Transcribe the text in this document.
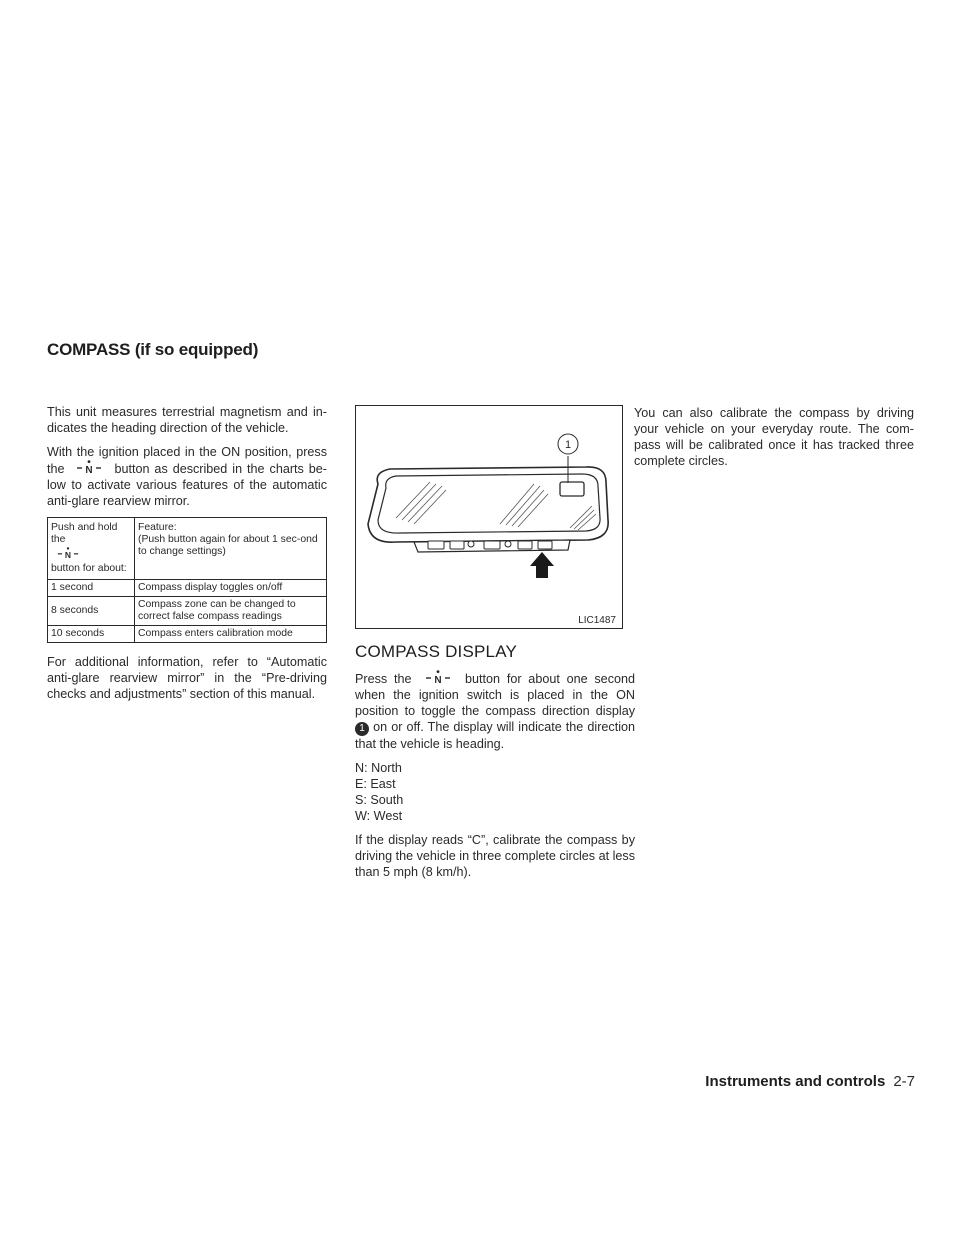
COMPASS (if so equipped)

This unit measures terrestrial magnetism and in-dicates the heading direction of the vehicle.

With the ignition placed in the ON position, press the N button as described in the charts be-low to activate various features of the automatic anti-glare rearview mirror.

Push and hold the

N

button for about:	Feature:
(Push button again for about 1 sec-ond to change settings)
1 second	Compass display toggles on/off
8 seconds	Compass zone can be changed to correct false compass readings
10 seconds	Compass enters calibration mode

For additional information, refer to “Automatic anti-glare rearview mirror” in the “Pre-driving checks and adjustments” section of this manual.

1
LIC1487
COMPASS DISPLAY

Press the N button for about one second when the ignition switch is placed in the ON position to toggle the compass direction display 1 on or off. The display will indicate the direction that the vehicle is heading.

N: North
E: East
S: South
W: West

If the display reads “C”, calibrate the compass by driving the vehicle in three complete circles at less than 5 mph (8 km/h).

You can also calibrate the compass by driving your vehicle on your everyday route. The com-pass will be calibrated once it has tracked three complete circles.

Instruments and controls 2-7
